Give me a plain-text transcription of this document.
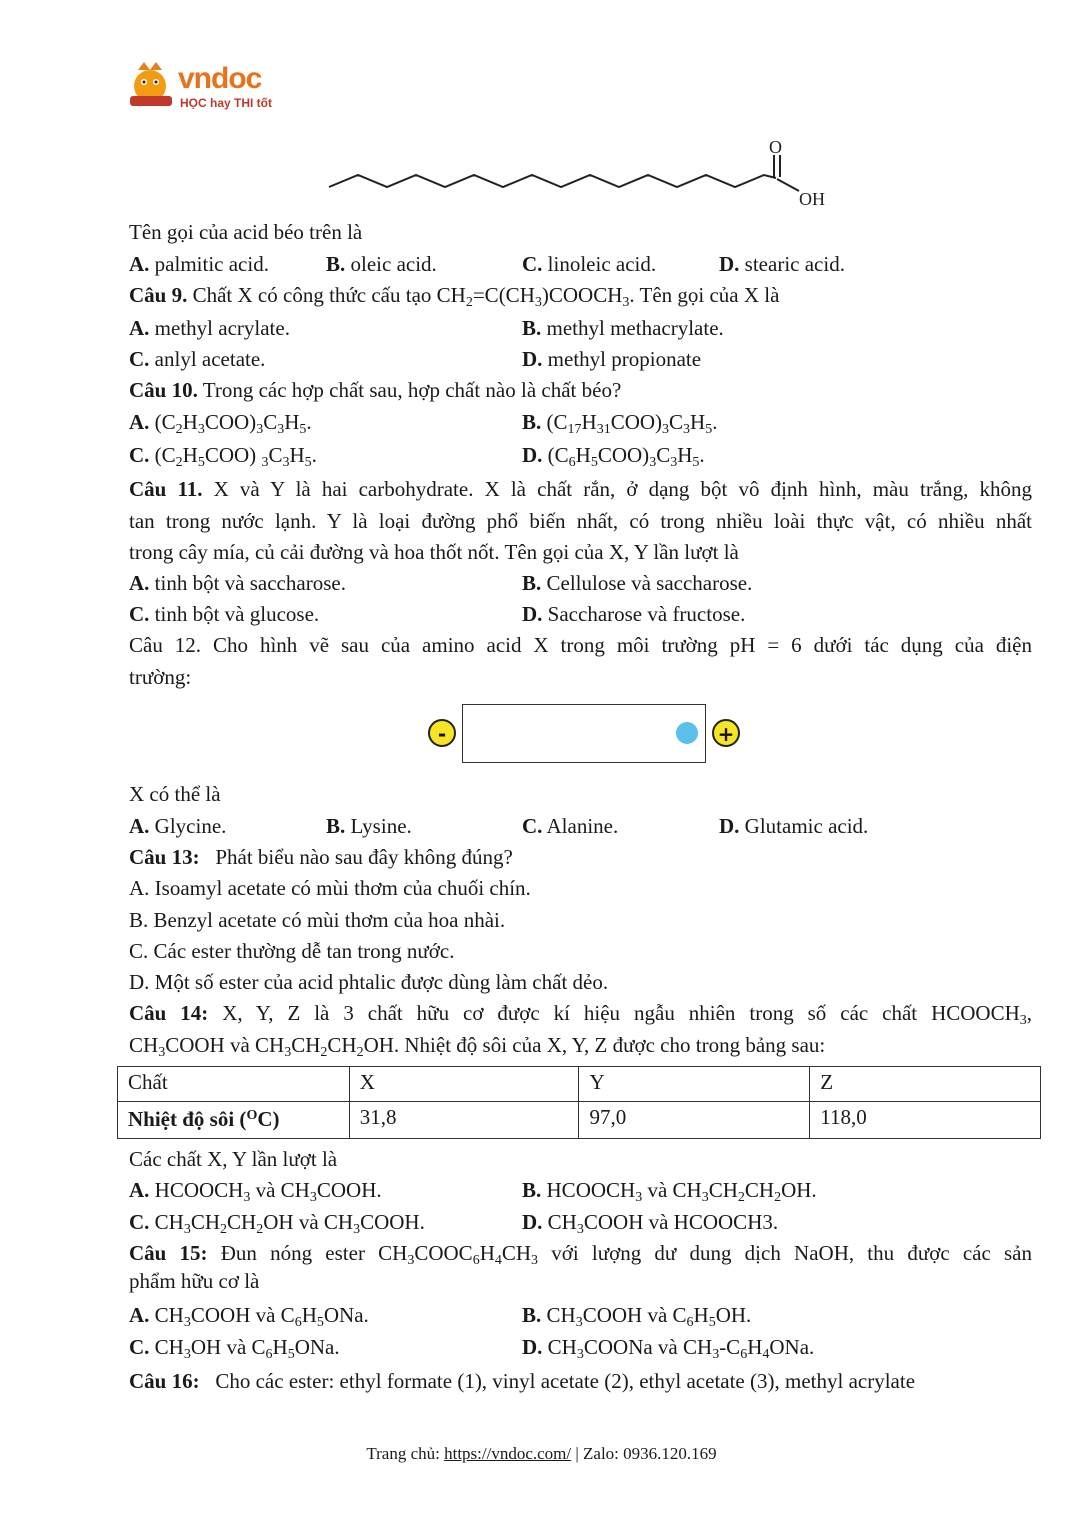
vndoc
HỌC hay THI tốt
O
OH
Tên gọi của acid béo trên là
A. palmitic acid.	B. oleic acid.	C. linoleic acid.	D. stearic acid.
Câu 9. Chất X có công thức cấu tạo $CH_2=C(CH_3)COOCH_3$. Tên gọi của X là
A. methyl acrylate.	B. methyl methacrylate.
C. anlyl acetate.	D. methyl propionate
Câu 10. Trong các hợp chất sau, hợp chất nào là chất béo?
A. $(C_2H_3COO)_3C_3H_5$.	B. $(C_{17}H_{31}COO)_3C_3H_5$.
C. $(C_2H_5COO)$ $_3C_3H_5$.	D. $(C_6H_5COO)_3C_3H_5$.
Câu 11. X và Y là hai carbohydrate. X là chất rắn, ở dạng bột vô định hình, màu trắng, không
tan trong nước lạnh. Y là loại đường phổ biến nhất, có trong nhiều loài thực vật, có nhiều nhất
trong cây mía, củ cải đường và hoa thốt nốt. Tên gọi của X, Y lần lượt là
A. tinh bột và saccharose.	B. Cellulose và saccharose.
C. tinh bột và glucose.	D. Saccharose và fructose.
Câu 12. Cho hình vẽ sau của amino acid X trong môi trường pH = 6 dưới tác dụng của điện
trường:
-	+
X có thể là
A. Glycine.	B. Lysine.	C. Alanine.	D. Glutamic acid.
Câu 13:   Phát biểu nào sau đây không đúng?
A. Isoamyl acetate có mùi thơm của chuối chín.
B. Benzyl acetate có mùi thơm của hoa nhài.
C. Các ester thường dễ tan trong nước.
D. Một số ester của acid phtalic được dùng làm chất dẻo.
Câu 14: X, Y, Z là 3 chất hữu cơ được kí hiệu ngẫu nhiên trong số các chất $HCOOCH_3$,
$CH_3COOH$ và $CH_3CH_2CH_2OH$. Nhiệt độ sôi của X, Y, Z được cho trong bảng sau:
Chất	X	Y	Z
Nhiệt độ sôi ($^O$C)	31,8	97,0	118,0
Các chất X, Y lần lượt là
A. $HCOOCH_3$ và $CH_3COOH$.	B. $HCOOCH_3$ và $CH_3CH_2CH_2OH$.
C. $CH_3CH_2CH_2OH$ và $CH_3COOH$.	D. $CH_3COOH$ và HCOOCH3.
Câu 15: Đun nóng ester $CH_3COOC_6H_4CH_3$ với lượng dư dung dịch NaOH, thu được các sản
phẩm hữu cơ là
A. $CH_3COOH$ và $C_6H_5ONa$.	B. $CH_3COOH$ và $C_6H_5OH$.
C. $CH_3OH$ và $C_6H_5ONa$.	D. $CH_3COONa$ và $CH_3-C_6H_4ONa$.
Câu 16:   Cho các ester: ethyl formate (1), vinyl acetate (2), ethyl acetate (3), methyl acrylate
Trang chủ: https://vndoc.com/ | Zalo: 0936.120.169
